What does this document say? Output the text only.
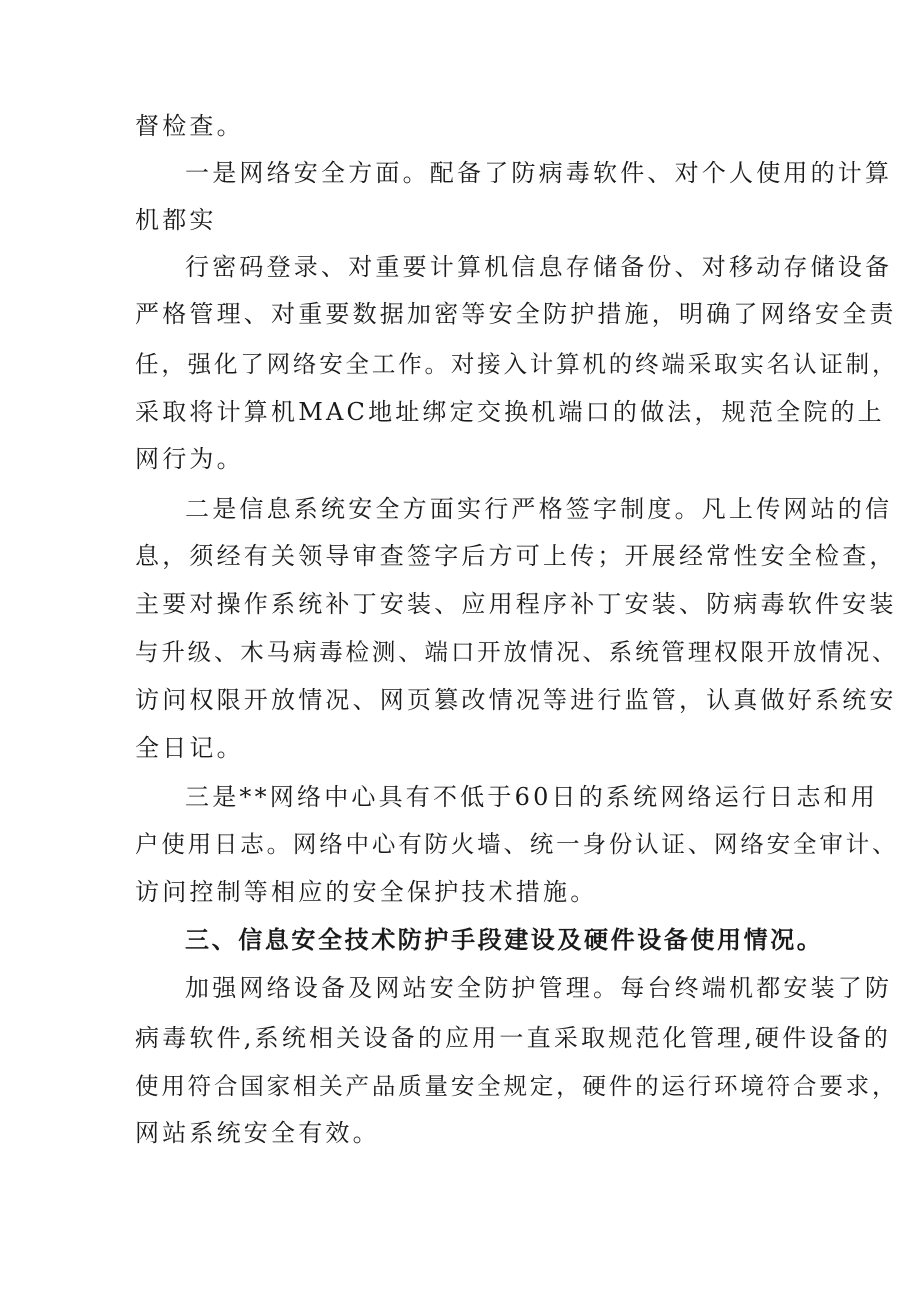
督检查。

一是网络安全方面。配备了防病毒软件、对个人使用的计算

机都实

行密码登录、对重要计算机信息存储备份、对移动存储设备

严格管理、对重要数据加密等安全防护措施，明确了网络安全责

任，强化了网络安全工作。对接入计算机的终端采取实名认证制，

采取将计算机MAC地址绑定交换机端口的做法，规范全院的上

网行为。

二是信息系统安全方面实行严格签字制度。凡上传网站的信

息，须经有关领导审查签字后方可上传；开展经常性安全检查，

主要对操作系统补丁安装、应用程序补丁安装、防病毒软件安装

与升级、木马病毒检测、端口开放情况、系统管理权限开放情况、

访问权限开放情况、网页篡改情况等进行监管，认真做好系统安

全日记。

三是**网络中心具有不低于60日的系统网络运行日志和用

户使用日志。网络中心有防火墙、统一身份认证、网络安全审计、

访问控制等相应的安全保护技术措施。

三、信息安全技术防护手段建设及硬件设备使用情况。

加强网络设备及网站安全防护管理。每台终端机都安装了防

病毒软件,系统相关设备的应用一直采取规范化管理,硬件设备的

使用符合国家相关产品质量安全规定，硬件的运行环境符合要求，

网站系统安全有效。
